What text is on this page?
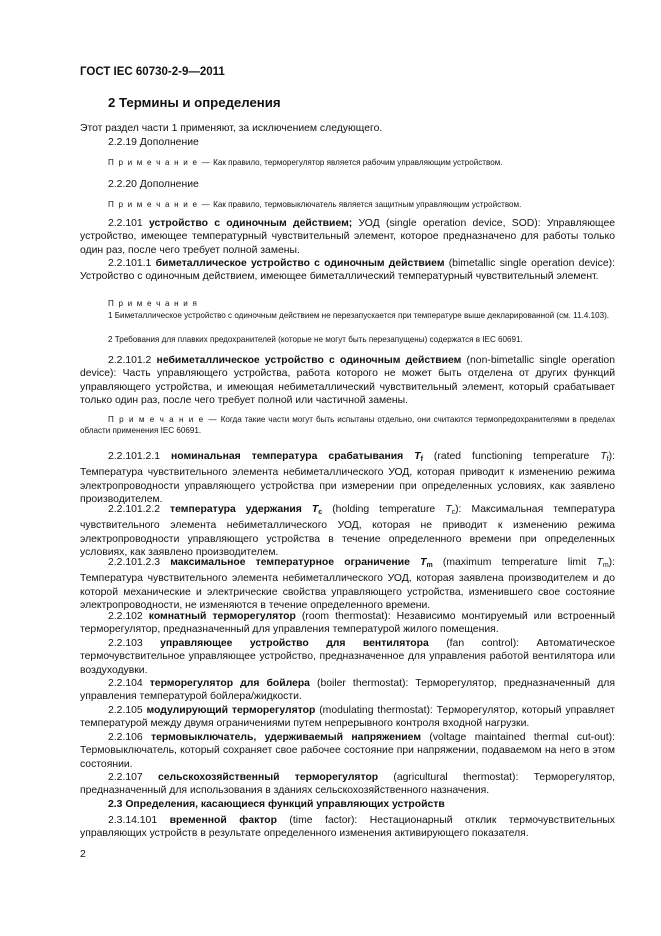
ГОСТ IEC 60730-2-9—2011
2 Термины и определения

Этот раздел части 1 применяют, за исключением следующего.

2.2.19 Дополнение

П р и м е ч а н и е — Как правило, терморегулятор является рабочим управляющим устройством.

2.2.20 Дополнение

П р и м е ч а н и е — Как правило, термовыключатель является защитным управляющим устройством.

2.2.101 устройство с одиночным действием; УОД (single operation device, SOD): Управляющее устройство, имеющее температурный чувствительный элемент, которое предназначено для работы только один раз, после чего требует полной замены.

2.2.101.1 биметаллическое устройство с одиночным действием (bimetallic single operation device): Устройство с одиночным действием, имеющее биметаллический температурный чувствительный элемент.

П р и м е ч а н и я

1 Биметаллическое устройство с одиночным действием не перезапускается при температуре выше декларированной (см. 11.4.103).

2 Требования для плавких предохранителей (которые не могут быть перезапущены) содержатся в IEC 60691.

2.2.101.2 небиметаллическое устройство с одиночным действием (non-bimetallic single operation device): Часть управляющего устройства, работа которого не может быть отделена от других функций управляющего устройства, и имеющая небиметаллический чувствительный элемент, который срабатывает только один раз, после чего требует полной или частичной замены.

П р и м е ч а н и е — Когда такие части могут быть испытаны отдельно, они считаются термопредохранителями в пределах области применения IEC 60691.

2.2.101.2.1 номинальная температура срабатывания $T_f$ (rated functioning temperature $T_f$): Температура чувствительного элемента небиметаллического УОД, которая приводит к изменению режима электропроводности управляющего устройства при измерении при определенных условиях, как заявлено производителем.

2.2.101.2.2 температура удержания $T_c$ (holding temperature $T_c$): Максимальная температура чувствительного элемента небиметаллического УОД, которая не приводит к изменению режима электропроводности управляющего устройства в течение определенного времени при определенных условиях, как заявлено производителем.

2.2.101.2.3 максимальное температурное ограничение $T_m$ (maximum temperature limit $T_m$): Температура чувствительного элемента небиметаллического УОД, которая заявлена производителем и до которой механические и электрические свойства управляющего устройства, изменившего свое состояние электропроводности, не изменяются в течение определенного времени.

2.2.102 комнатный терморегулятор (room thermostat): Независимо монтируемый или встроенный терморегулятор, предназначенный для управления температурой жилого помещения.

2.2.103 управляющее устройство для вентилятора (fan control): Автоматическое термочувствительное управляющее устройство, предназначенное для управления работой вентилятора или воздуходувки.

2.2.104 терморегулятор для бойлера (boiler thermostat): Терморегулятор, предназначенный для управления температурой бойлера/жидкости.

2.2.105 модулирующий терморегулятор (modulating thermostat): Терморегулятор, который управляет температурой между двумя ограничениями путем непрерывного контроля входной нагрузки.

2.2.106 термовыключатель, удерживаемый напряжением (voltage maintained thermal cut-out): Термовыключатель, который сохраняет свое рабочее состояние при напряжении, подаваемом на него в этом состоянии.

2.2.107 сельскохозяйственный терморегулятор (agricultural thermostat): Терморегулятор, предназначенный для использования в зданиях сельскохозяйственного назначения.

2.3 Определения, касающиеся функций управляющих устройств

2.3.14.101 временной фактор (time factor): Нестационарный отклик термочувствительных управляющих устройств в результате определенного изменения активирующего показателя.

2
